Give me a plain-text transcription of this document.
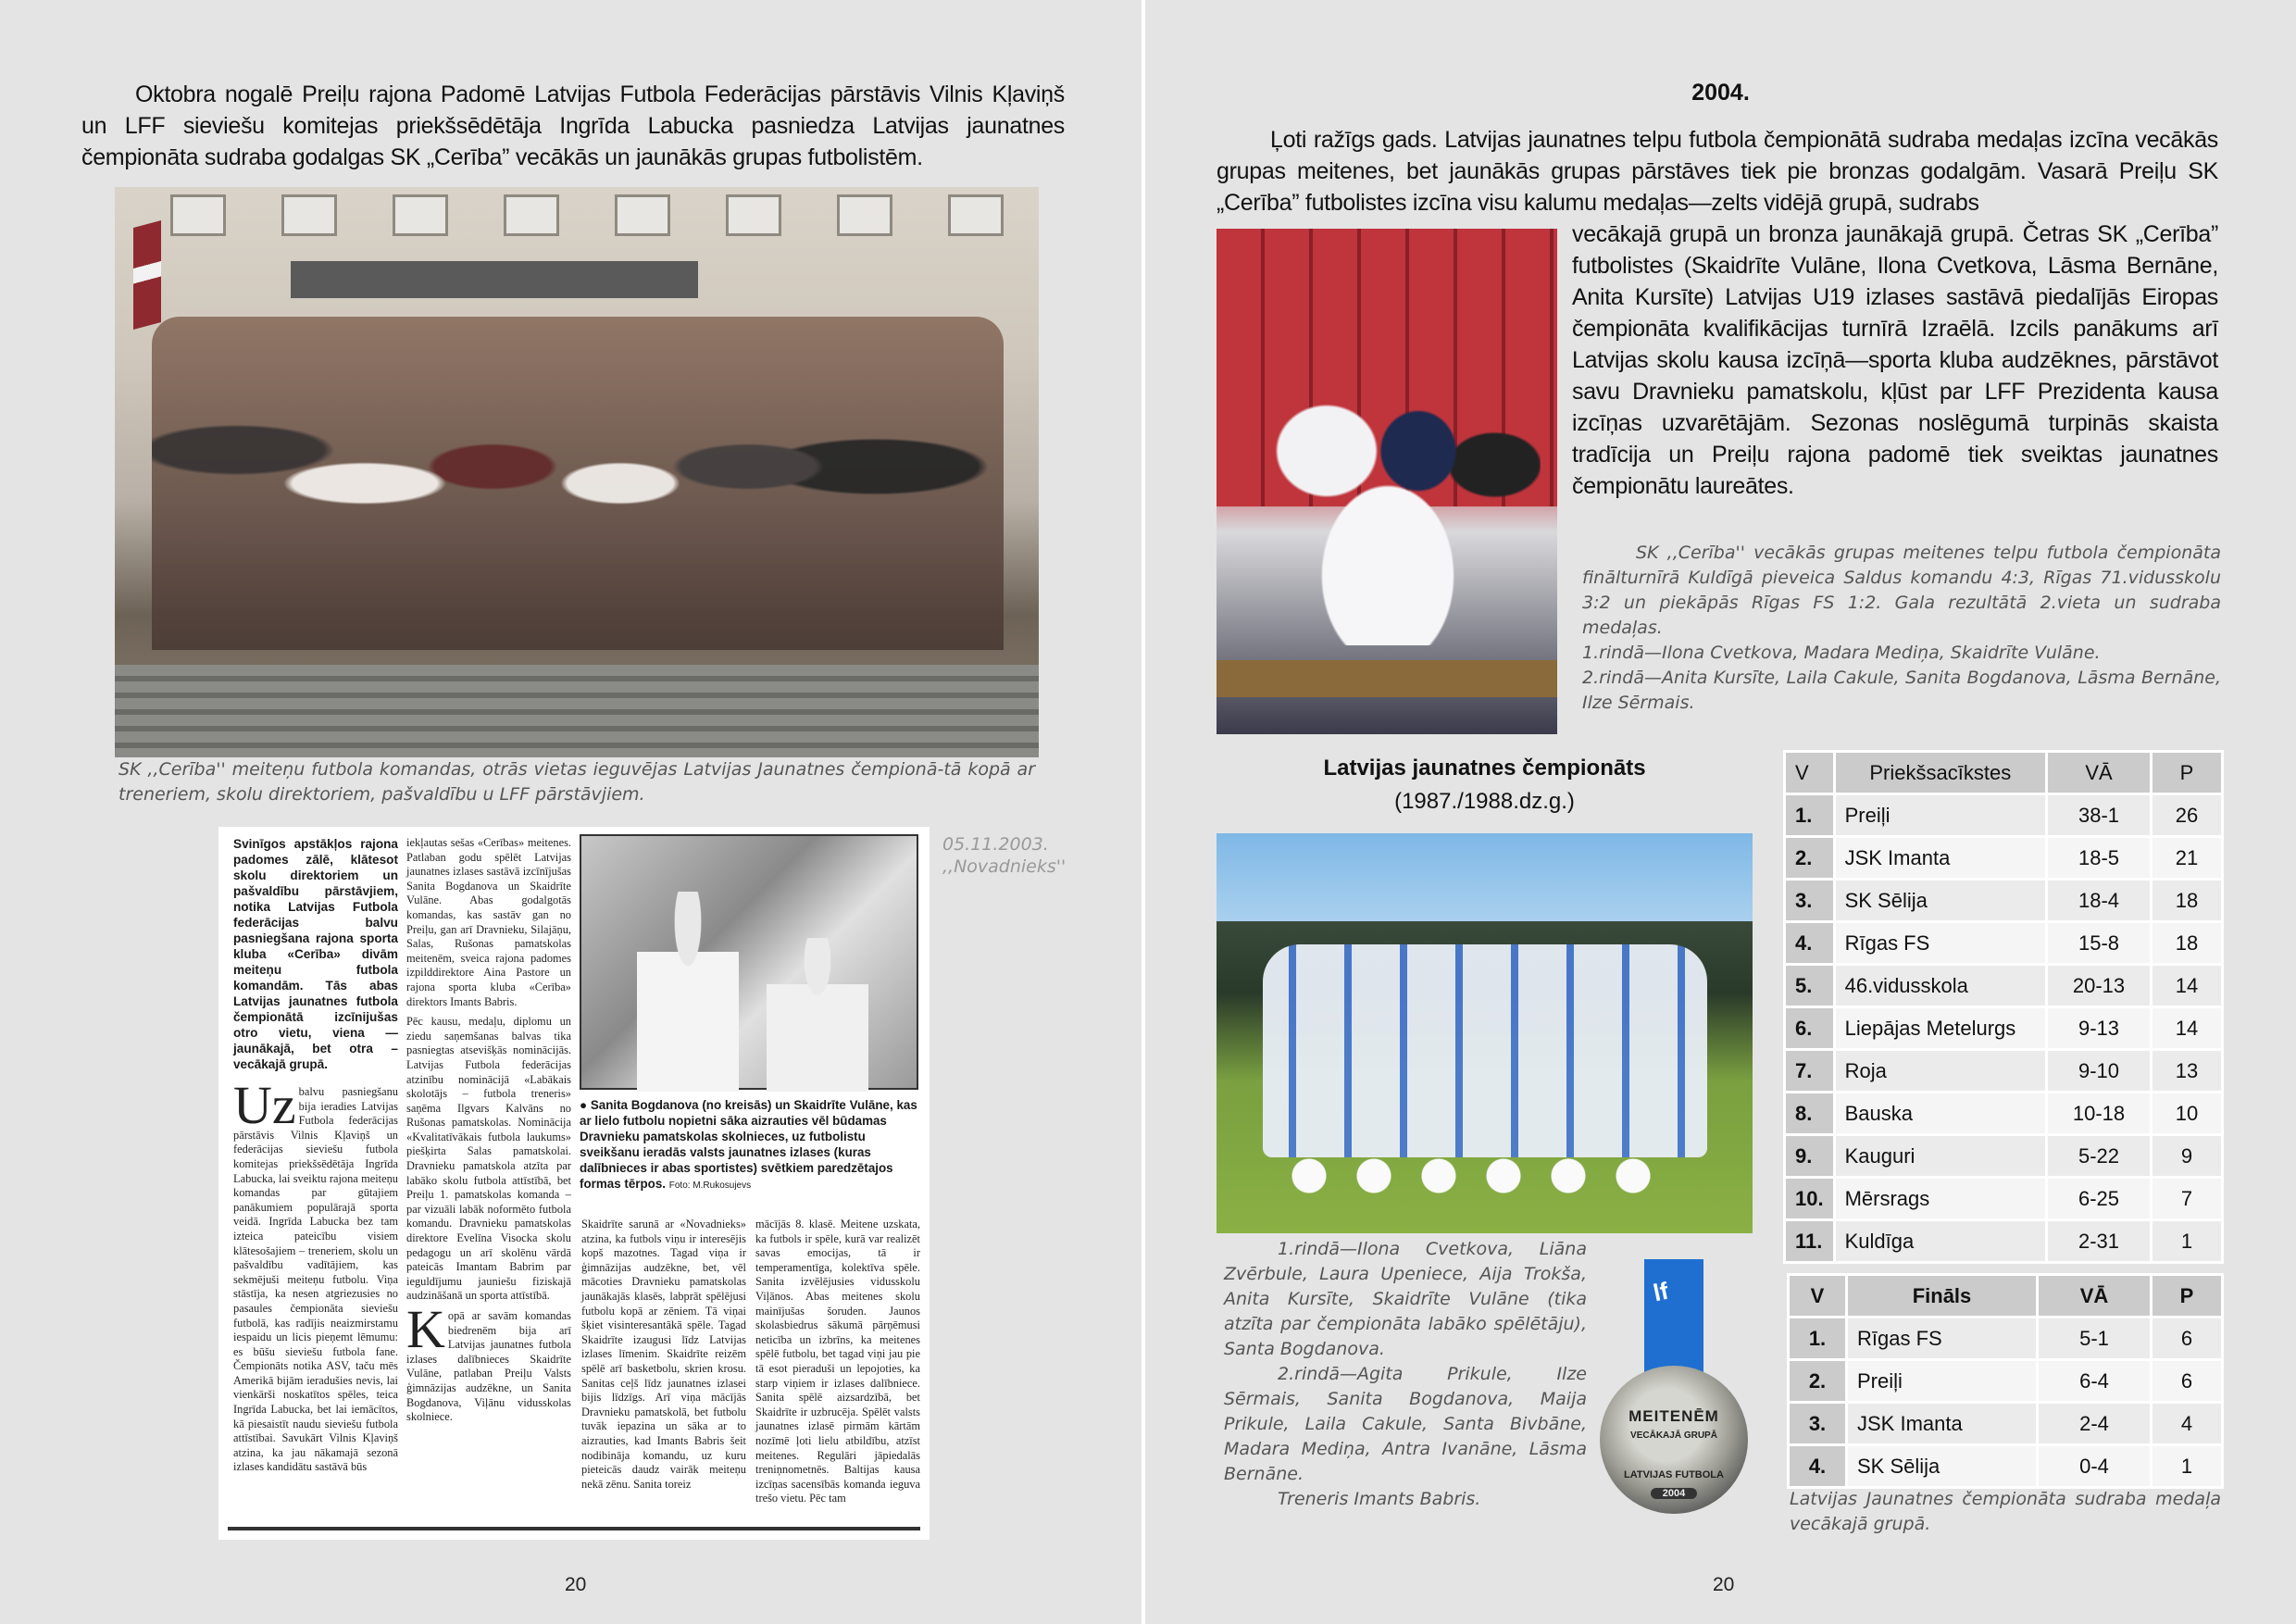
Oktobra nogalē Preiļu rajona Padomē Latvijas Futbola Federācijas pārstāvis Vilnis Kļaviņš un LFF sieviešu komitejas priekšsēdētāja Ingrīda Labucka pasniedza Latvijas jaunatnes čempionāta sudraba godalgas SK „Cerība” vecākās un jaunākās grupas futbolistēm.

SK ,,Cerība'' meiteņu futbola komandas, otrās vietas ieguvējas Latvijas Jaunatnes čempionā-tā kopā ar treneriem, skolu direktoriem, pašvaldību u LFF pārstāvjiem.

Svinīgos apstākļos rajona padomes zālē, klātesot skolu direktoriem un pašvaldību pārstāvjiem, notika Latvijas Futbola federācijas balvu pasniegšana rajona sporta kluba «Cerība» divām meiteņu futbola komandām. Tās abas Latvijas jaunatnes futbola čempionātā izcīnijušas otro vietu, viena — jaunākajā, bet otra – vecākajā grupā.

Uz balvu pasniegšanu bija ieradies Latvijas Futbola federācijas pārstāvis Vilnis Kļaviņš un federācijas sieviešu futbola komitejas priekšsēdētāja Ingrīda Labucka, lai sveiktu rajona meiteņu komandas par gūtajiem panākumiem populārajā sporta veidā. Ingrīda Labucka bez tam izteica pateicību visiem klātesošajiem – treneriem, skolu un pašvaldību vadītājiem, kas sekmējuši meiteņu futbolu. Viņa stāstīja, ka nesen atgriezusies no pasaules čempionāta sieviešu futbolā, kas radījis neaizmirstamu iespaidu un licis pieņemt lēmumu: es būšu sieviešu futbola fane. Čempionāts notika ASV, taču mēs Amerikā bijām ieradušies nevis, lai vienkārši noskatītos spēles, teica Ingrīda Labucka, bet lai iemācītos, kā piesaistīt naudu sieviešu futbola attīstībai. Savukārt Vilnis Kļaviņš atzina, ka jau nākamajā sezonā izlases kandidātu sastāvā būs

iekļautas sešas «Cerības» meitenes. Patlaban godu spēlēt Latvijas jaunatnes izlases sastāvā izcīnījušas Sanita Bogdanova un Skaidrīte Vulāne. Abas godalgotās komandas, kas sastāv gan no Preiļu, gan arī Dravnieku, Silajāņu, Salas, Rušonas pamatskolas meitenēm, sveica rajona padomes izpilddirektore Aina Pastore un rajona sporta kluba «Cerība» direktors Imants Babris.

Pēc kausu, medaļu, diplomu un ziedu saņemšanas balvas tika pasniegtas atsevišķās nominācijās. Latvijas Futbola federācijas atzinību nominācijā «Labākais skolotājs – futbola treneris» saņēma Ilgvars Kalvāns no Rušonas pamatskolas. Nominācija «Kvalitatīvākais futbola laukums» piešķirta Salas pamatskolai. Dravnieku pamatskola atzīta par labāko skolu futbola attīstībā, bet Preiļu 1. pamatskolas komanda – par vizuāli labāk noformēto futbola komandu. Dravnieku pamatskolas direktore Evelīna Visocka skolu pedagogu un arī skolēnu vārdā pateicās Imantam Babrim par ieguldījumu jauniešu fiziskajā audzināšanā un sporta attīstībā.

Kopā ar savām komandas biedrenēm bija arī Latvijas jaunatnes futbola izlases dalībnieces Skaidrīte Vulāne, patlaban Preiļu Valsts ģimnāzijas audzēkne, un Sanita Bogdanova, Viļānu vidusskolas skolniece.

● Sanita Bogdanova (no kreisās) un Skaidrīte Vulāne, kas ar lielo futbolu nopietni sāka aizrauties vēl būdamas Dravnieku pamatskolas skolnieces, uz futbolistu sveikšanu ieradās valsts jaunatnes izlases (kuras dalībnieces ir abas sportistes) svētkiem paredzētajos formas tērpos. Foto: M.Rukosujevs

Skaidrīte sarunā ar «Novadnieks» atzina, ka futbols viņu ir interesējis kopš mazotnes. Tagad viņa ir ģimnāzijas audzēkne, bet, vēl mācoties Dravnieku pamatskolas jaunākajās klasēs, labprāt spēlējusi futbolu kopā ar zēniem. Tā viņai šķiet visinteresantākā spēle. Tagad Skaidrīte izaugusi līdz Latvijas izlases līmenim. Skaidrīte reizēm spēlē arī basketbolu, skrien krosu. Sanitas ceļš līdz jaunatnes izlasei bijis līdzīgs. Arī viņa mācījās Dravnieku pamatskolā, bet futbolu tuvāk iepazina un sāka ar to aizrauties, kad Imants Babris šeit nodibināja komandu, uz kuru pieteicās daudz vairāk meiteņu nekā zēnu. Sanita toreiz

mācījās 8. klasē. Meitene uzskata, ka futbols ir spēle, kurā var realizēt savas emocijas, tā ir temperamentīga, kolektīva spēle. Sanita izvēlējusies vidusskolu Viļānos. Abas meitenes skolu mainījušas šoruden. Jaunos skolasbiedrus sākumā pārņēmusi neticība un izbrīns, ka meitenes spēlē futbolu, bet tagad viņi jau pie tā esot pieraduši un lepojoties, ka starp viņiem ir izlases dalībniece. Sanita spēlē aizsardzībā, bet Skaidrīte ir uzbrucēja. Spēlēt valsts jaunatnes izlasē pirmām kārtām nozīmē ļoti lielu atbildību, atzīst meitenes. Regulāri jāpiedalās treniņnometnēs. Baltijas kausa izcīņas sacensībās komanda ieguva trešo vietu. Pēc tam

05.11.2003.
,,Novadnieks''
20
2004.

Ļoti ražīgs gads. Latvijas jaunatnes telpu futbola čempionātā sudraba medaļas izcīna vecākās grupas meitenes, bet jaunākās grupas pārstāves tiek pie bronzas godalgām. Vasarā Preiļu SK „Cerība” futbolistes izcīna visu kalumu medaļas—zelts vidējā grupā, sudrabs

vecākajā grupā un bronza jaunākajā grupā. Četras SK „Cerība” futbolistes (Skaidrīte Vulāne, Ilona Cvetkova, Lāsma Bernāne, Anita Kursīte) Latvijas U19 izlases sastāvā piedalījās Eiropas čempionāta kvalifikācijas turnīrā Izraēlā. Izcils panākums arī Latvijas skolu kausa izcīņā—sporta kluba audzēknes, pārstāvot savu Dravnieku pamatskolu, kļūst par LFF Prezidenta kausa izcīņas uzvarētājām. Sezonas noslēgumā turpinās skaista tradīcija un Preiļu rajona padomē tiek sveiktas jaunatnes čempionātu laureātes.

SK ,,Cerība'' vecākās grupas meitenes telpu futbola čempionāta finālturnīrā Kuldīgā pieveica Saldus komandu 4:3, Rīgas 71.vidusskolu 3:2 un piekāpās Rīgas FS 1:2. Gala rezultātā 2.vieta un sudraba medaļas.

1.rindā—Ilona Cvetkova, Madara Mediņa, Skaidrīte Vulāne.

2.rindā—Anita Kursīte, Laila Cakule, Sanita Bogdanova, Lāsma Bernāne, Ilze Sērmais.

Latvijas jaunatnes čempionāts
(1987./1988.dz.g.)

1.rindā—Ilona Cvetkova, Liāna Zvērbule, Laura Upeniece, Aija Trokša, Anita Kursīte, Skaidrīte Vulāne (tika atzīta par čempionāta labāko spēlētāju), Santa Bogdanova.

2.rindā—Agita Prikule, Ilze Sērmais, Sanita Bogdanova, Maija Prikule, Laila Cakule, Santa Bivbāne, Madara Mediņa, Antra Ivanāne, Lāsma Bernāne.

Treneris Imants Babris.

lf
MEITENĒM
VECĀKAJĀ GRUPĀ
LATVIJAS FUTBOLA
2004
V	Priekšsacīkstes	VĀ	P
1.	Preiļi	38-1	26
2.	JSK Imanta	18-5	21
3.	SK Sēlija	18-4	18
4.	Rīgas FS	15-8	18
5.	46.vidusskola	20-13	14
6.	Liepājas Metelurgs	9-13	14
7.	Roja	9-10	13
8.	Bauska	10-18	10
9.	Kauguri	5-22	9
10.	Mērsrags	6-25	7
11.	Kuldīga	2-31	1
V	Fināls	VĀ	P
1.	Rīgas FS	5-1	6
2.	Preiļi	6-4	6
3.	JSK Imanta	2-4	4
4.	SK Sēlija	0-4	1

Latvijas Jaunatnes čempionāta sudraba medaļa vecākajā grupā.

20
